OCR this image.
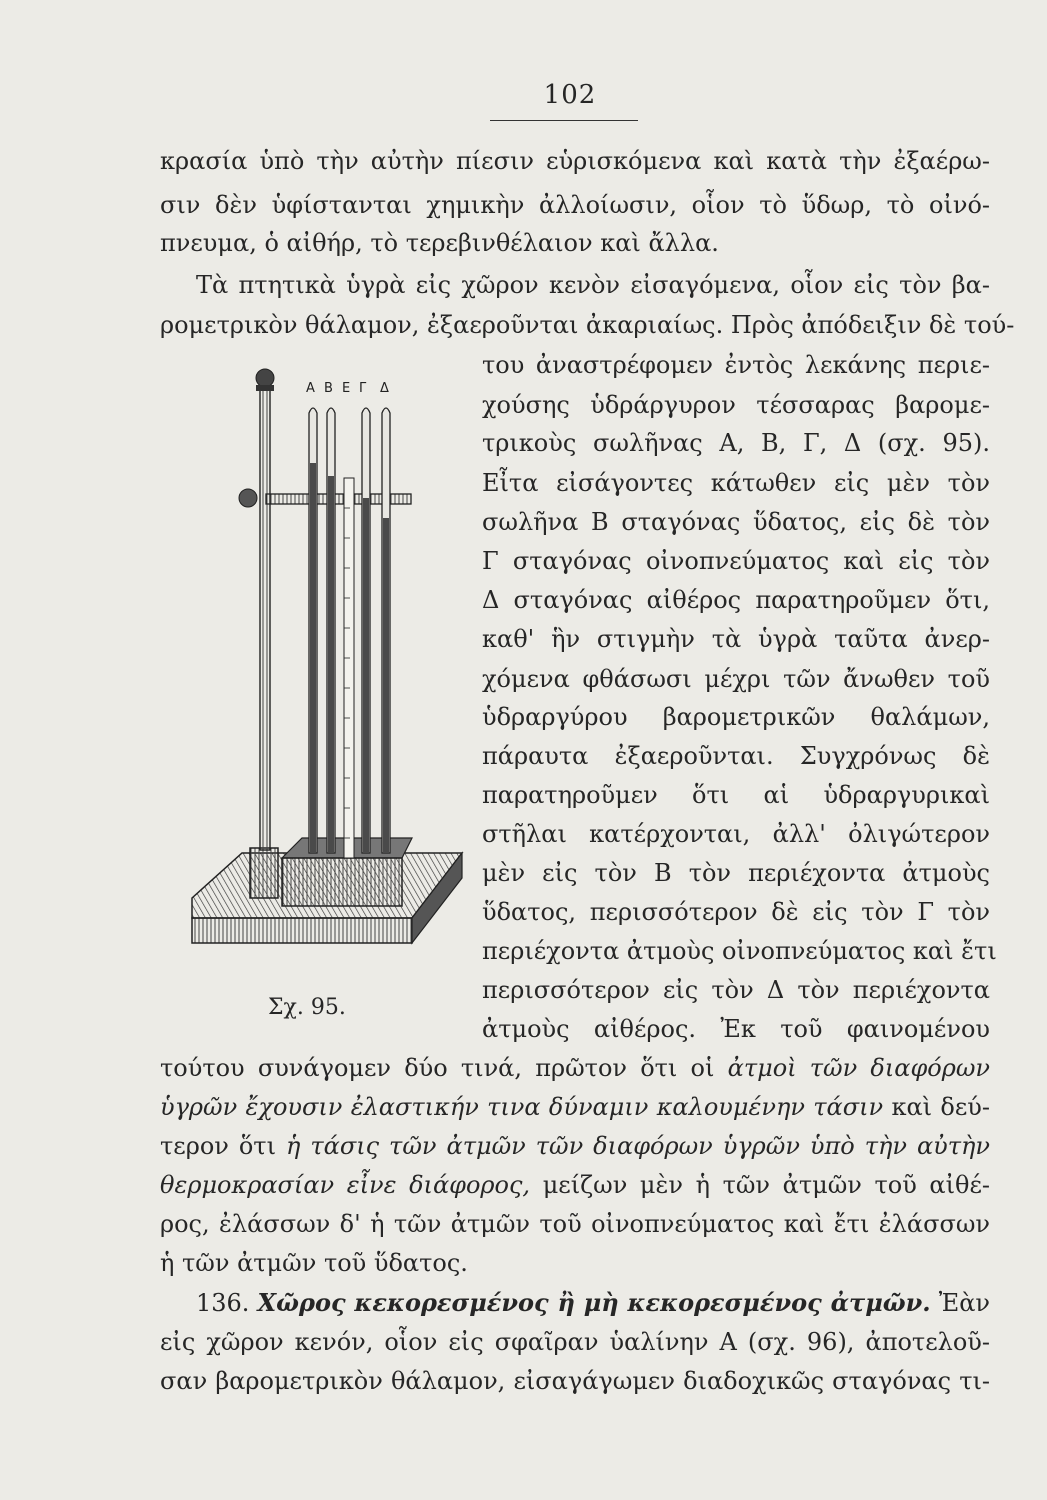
102
κρασία ὑπὸ τὴν αὐτὴν πίεσιν εὑρισκόμενα καὶ κατὰ τὴν ἐξαέρω-
σιν δὲν ὑφίστανται χημικὴν ἀλλοίωσιν, οἷον τὸ ὕδωρ, τὸ οἰνό-
πνευμα, ὁ αἰθήρ, τὸ τερεβινθέλαιον καὶ ἄλλα.
Τὰ πτητικὰ ὑγρὰ εἰς χῶρον κενὸν εἰσαγόμενα, οἷον εἰς τὸν βα-
ρομετρικὸν θάλαμον, ἐξαεροῦνται ἀκαριαίως. Πρὸς ἀπόδειξιν δὲ τού-
του ἀναστρέφομεν ἐντὸς λεκάνης περιε-
χούσης ὑδράργυρον τέσσαρας βαρομε-
τρικοὺς σωλῆνας Α, Β, Γ, Δ (σχ. 95).
Εἶτα εἰσάγοντες κάτωθεν εἰς μὲν τὸν
σωλῆνα Β σταγόνας ὕδατος, εἰς δὲ τὸν
Γ σταγόνας οἰνοπνεύματος καὶ εἰς τὸν
Δ σταγόνας αἰθέρος παρατηροῦμεν ὅτι,
καθ' ἣν στιγμὴν τὰ ὑγρὰ ταῦτα ἀνερ-
χόμενα φθάσωσι μέχρι τῶν ἄνωθεν τοῦ
ὑδραργύρου βαρομετρικῶν θαλάμων,
πάραυτα ἐξαεροῦνται. Συγχρόνως δὲ
παρατηροῦμεν ὅτι αἱ ὑδραργυρικαὶ
στῆλαι κατέρχονται, ἀλλ' ὀλιγώτερον
μὲν εἰς τὸν Β τὸν περιέχοντα ἀτμοὺς
ὕδατος, περισσότερον δὲ εἰς τὸν Γ τὸν
περιέχοντα ἀτμοὺς οἰνοπνεύματος καὶ ἔτι
περισσότερον εἰς τὸν Δ τὸν περιέχοντα
ἀτμοὺς αἰθέρος. Ἐκ τοῦ φαινομένου
Α Β Ε Γ Δ
Σχ. 95.
τούτου συνάγομεν δύο τινά, πρῶτον ὅτι οἱ ἀτμοὶ τῶν διαφόρων
ὑγρῶν ἔχουσιν ἐλαστικήν τινα δύναμιν καλουμένην τάσιν καὶ δεύ-
τερον ὅτι ἡ τάσις τῶν ἀτμῶν τῶν διαφόρων ὑγρῶν ὑπὸ τὴν αὐτὴν
θερμοκρασίαν εἶνε διάφορος, μείζων μὲν ἡ τῶν ἀτμῶν τοῦ αἰθέ-
ρος, ἐλάσσων δ' ἡ τῶν ἀτμῶν τοῦ οἰνοπνεύματος καὶ ἔτι ἐλάσσων
ἡ τῶν ἀτμῶν τοῦ ὕδατος.
136. Χῶρος κεκορεσμένος ἢ μὴ κεκορεσμένος ἀτμῶν. Ἐὰν
εἰς χῶρον κενόν, οἷον εἰς σφαῖραν ὑαλίνην Α (σχ. 96), ἀποτελοῦ-
σαν βαρομετρικὸν θάλαμον, εἰσαγάγωμεν διαδοχικῶς σταγόνας τι-
